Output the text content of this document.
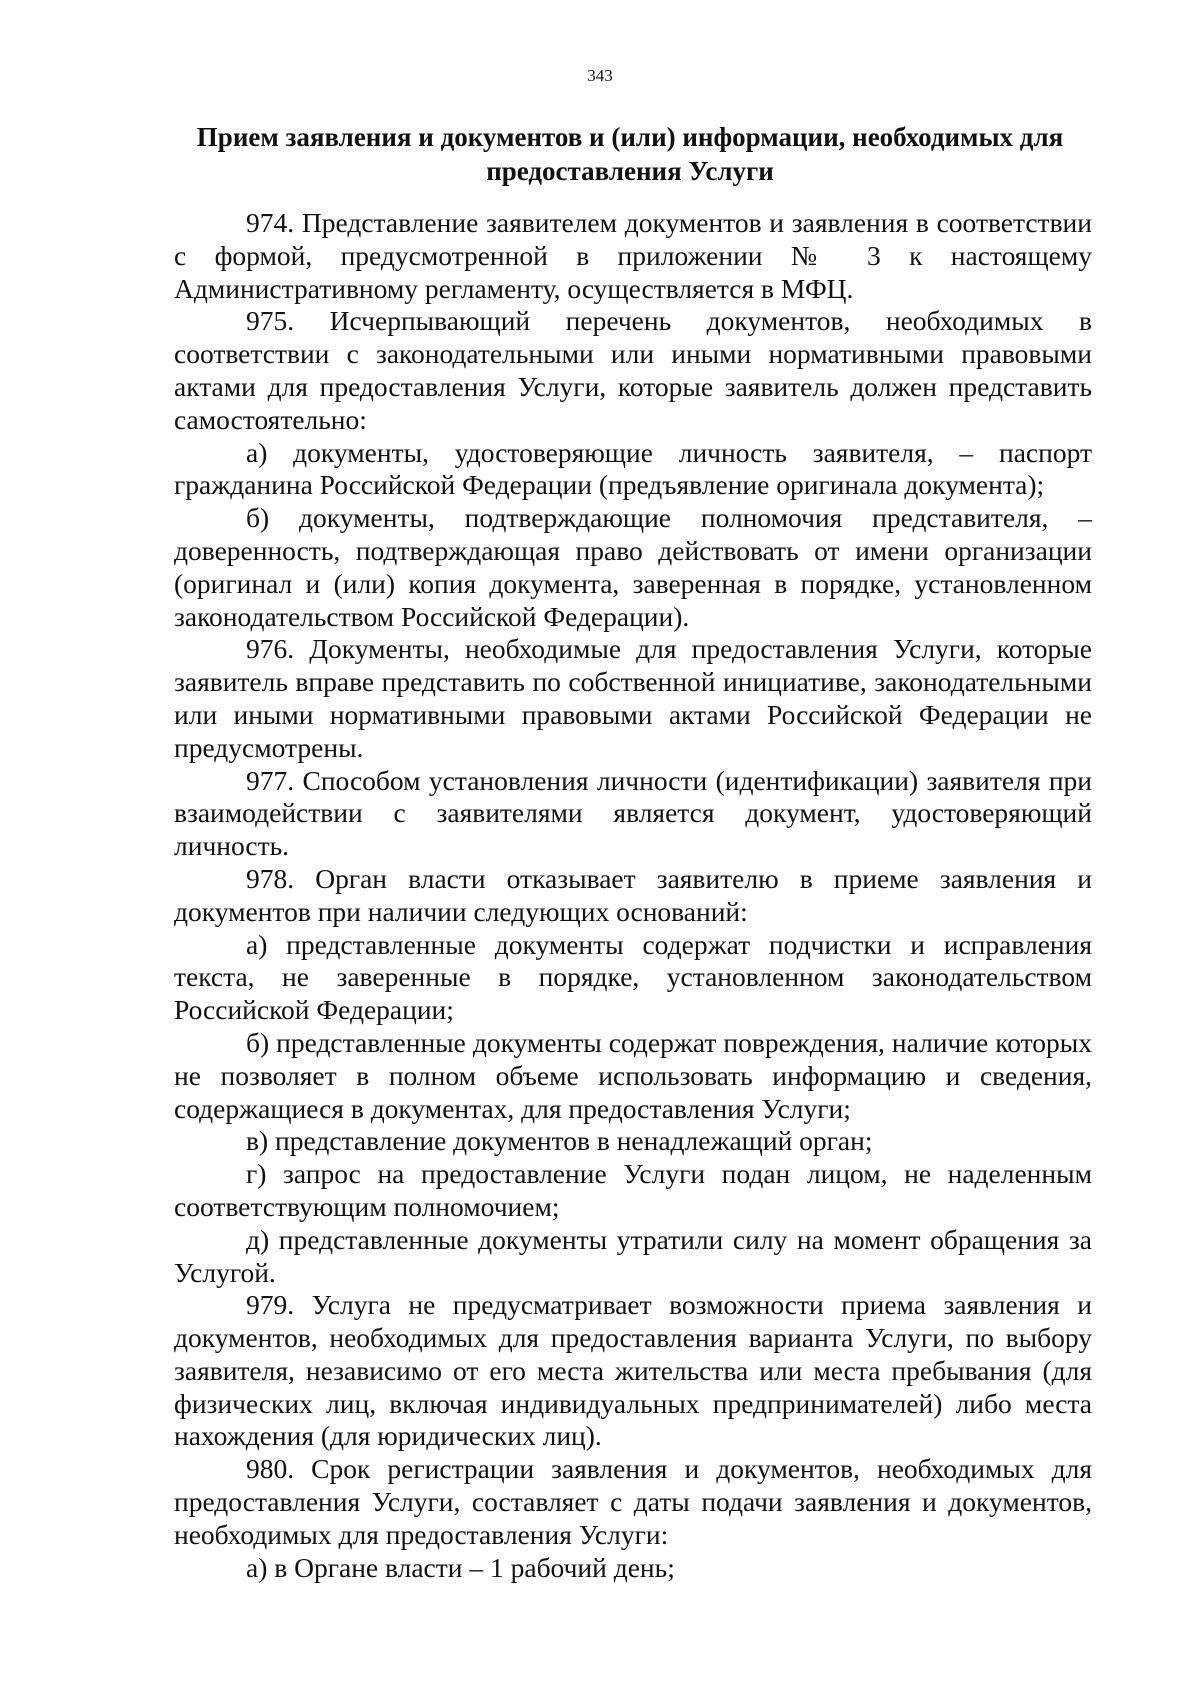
343
Прием заявления и документов и (или) информации, необходимых для предоставления Услуги

974. Представление заявителем документов и заявления в соответствии с формой, предусмотренной в приложении № 3 к настоящему Административному регламенту, осуществляется в МФЦ.

975. Исчерпывающий перечень документов, необходимых в соответствии с законодательными или иными нормативными правовыми актами для предоставления Услуги, которые заявитель должен представить самостоятельно:

а) документы, удостоверяющие личность заявителя, – паспорт гражданина Российской Федерации (предъявление оригинала документа);

б) документы, подтверждающие полномочия представителя, – доверенность, подтверждающая право действовать от имени организации (оригинал и (или) копия документа, заверенная в порядке, установленном законодательством Российской Федерации).

976. Документы, необходимые для предоставления Услуги, которые заявитель вправе представить по собственной инициативе, законодательными или иными нормативными правовыми актами Российской Федерации не предусмотрены.

977. Способом установления личности (идентификации) заявителя при взаимодействии с заявителями является документ, удостоверяющий личность.

978. Орган власти отказывает заявителю в приеме заявления и документов при наличии следующих оснований:

а) представленные документы содержат подчистки и исправления текста, не заверенные в порядке, установленном законодательством Российской Федерации;

б) представленные документы содержат повреждения, наличие которых не позволяет в полном объеме использовать информацию и сведения, содержащиеся в документах, для предоставления Услуги;

в) представление документов в ненадлежащий орган;

г) запрос на предоставление Услуги подан лицом, не наделенным соответствующим полномочием;

д) представленные документы утратили силу на момент обращения за Услугой.

979. Услуга не предусматривает возможности приема заявления и документов, необходимых для предоставления варианта Услуги, по выбору заявителя, независимо от его места жительства или места пребывания (для физических лиц, включая индивидуальных предпринимателей) либо места нахождения (для юридических лиц).

980. Срок регистрации заявления и документов, необходимых для предоставления Услуги, составляет с даты подачи заявления и документов, необходимых для предоставления Услуги:

а) в Органе власти – 1 рабочий день;
